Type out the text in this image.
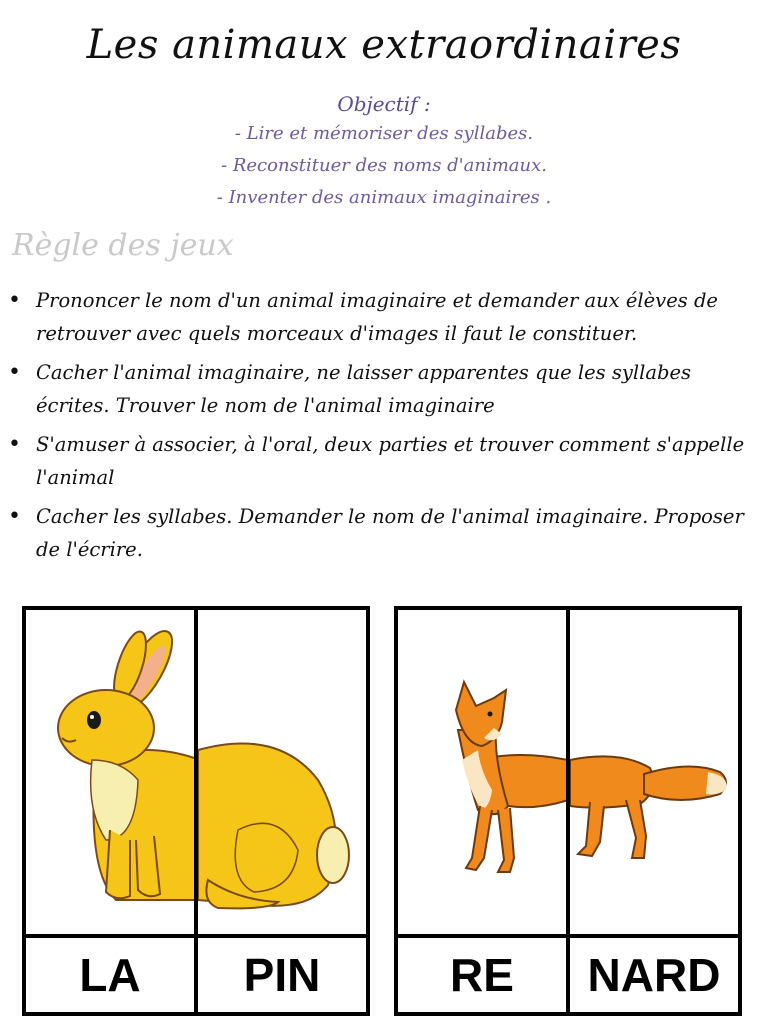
Les animaux extraordinaires
Objectif :
- Lire et mémoriser des syllabes.
- Reconstituer des noms d'animaux.
- Inventer des animaux imaginaires .
Règle des jeux
• Prononcer le nom d'un animal imaginaire et demander aux élèves de retrouver avec quels morceaux d'images il faut le constituer.
• Cacher l'animal imaginaire, ne laisser apparentes que les syllabes écrites. Trouver le nom de l'animal imaginaire
• S'amuser à associer, à l'oral, deux parties et trouver comment s'appelle l'animal
• Cacher les syllabes. Demander le nom de l'animal imaginaire. Proposer de l'écrire.
LA	PIN	RE	NARD
